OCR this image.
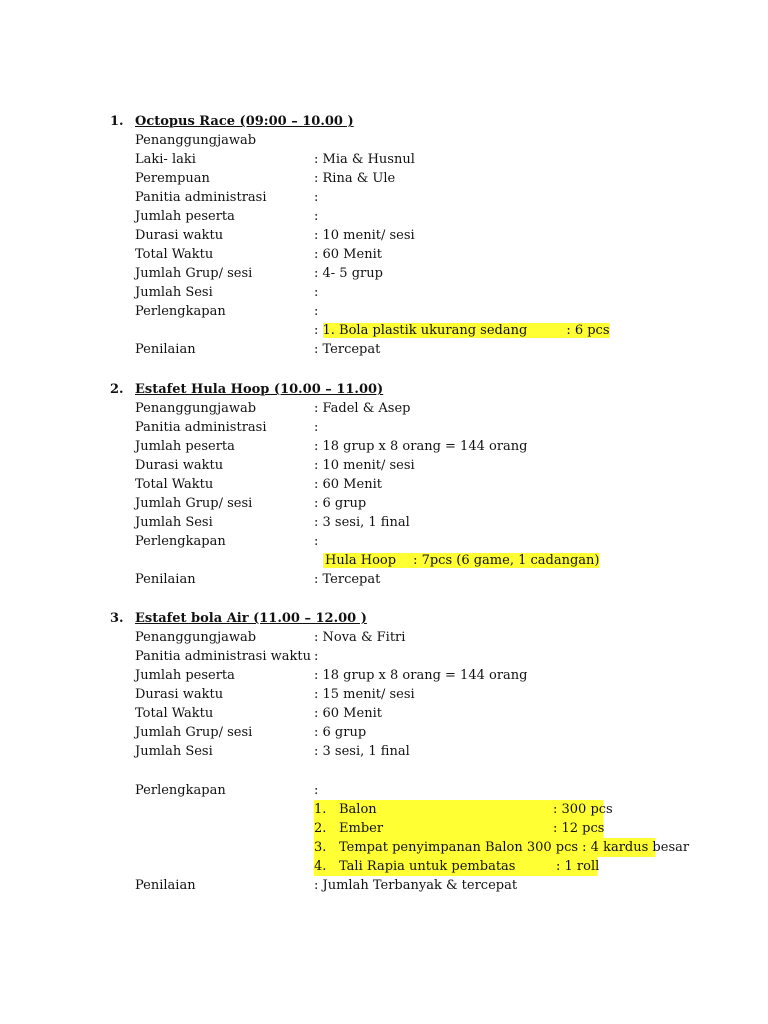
1. Octopus Race (09:00 – 10.00 )
Penanggungjawab
Laki- laki	: Mia & Husnul
Perempuan	: Rina & Ule
Panitia administrasi	:
Jumlah peserta	:
Durasi waktu	: 10 menit/ sesi
Total Waktu	: 60 Menit
Jumlah Grup/ sesi	: 4- 5 grup
Jumlah Sesi	:
Perlengkapan	:
: 1. Bola plastik ukurang sedang	: 6 pcs
Penilaian	: Tercepat
2. Estafet Hula Hoop (10.00 – 11.00)
Penanggungjawab	: Fadel & Asep
Panitia administrasi	:
Jumlah peserta	: 18 grup x 8 orang = 144 orang
Durasi waktu	: 10 menit/ sesi
Total Waktu	: 60 Menit
Jumlah Grup/ sesi	: 6 grup
Jumlah Sesi	: 3 sesi, 1 final
Perlengkapan	:
Hula Hoop : 7pcs (6 game, 1 cadangan)
Penilaian	: Tercepat
3. Estafet bola Air (11.00 – 12.00 )
Penanggungjawab	: Nova & Fitri
Panitia administrasi waktu :
Jumlah peserta	: 18 grup x 8 orang = 144 orang
Durasi waktu	: 15 menit/ sesi
Total Waktu	: 60 Menit
Jumlah Grup/ sesi	: 6 grup
Jumlah Sesi	: 3 sesi, 1 final
Perlengkapan	:
1. Balon	: 300 pcs
2. Ember	: 12 pcs
3. Tempat penyimpanan Balon 300 pcs : 4 kardus besar
4. Tali Rapia untuk pembatas	: 1 roll
Penilaian	: Jumlah Terbanyak & tercepat
